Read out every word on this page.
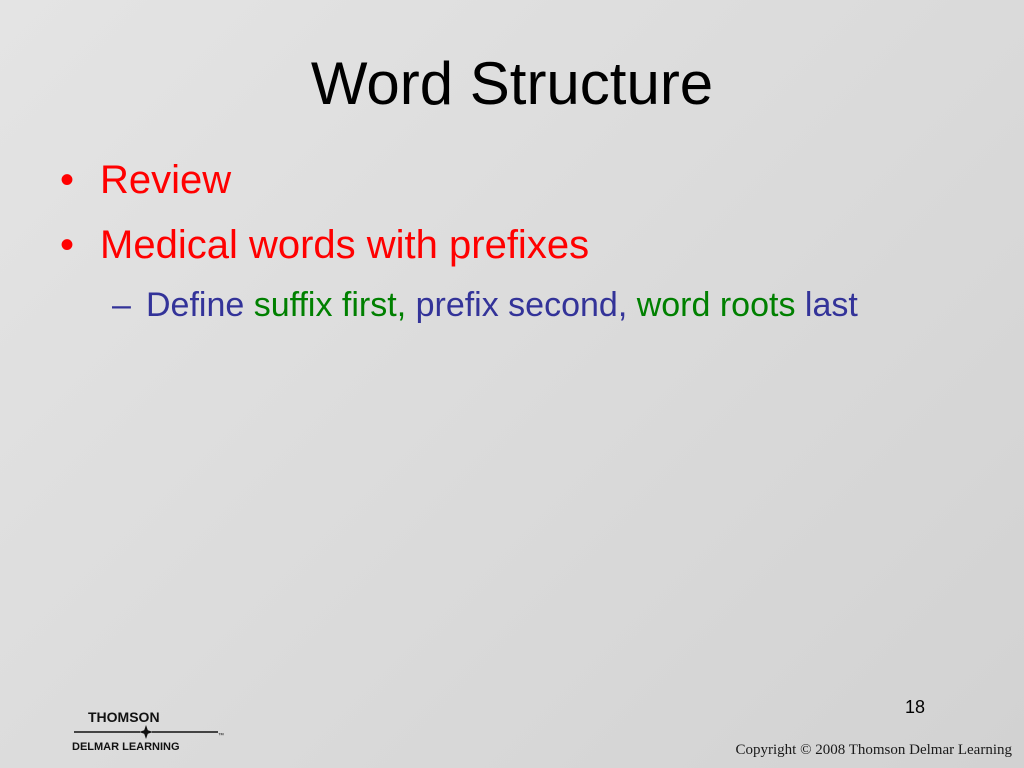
Word Structure
• Review
• Medical words with prefixes
– Define suffix first, prefix second, word roots last
18
THOMSON
™
DELMAR LEARNING	Copyright © 2008 Thomson Delmar Learning
